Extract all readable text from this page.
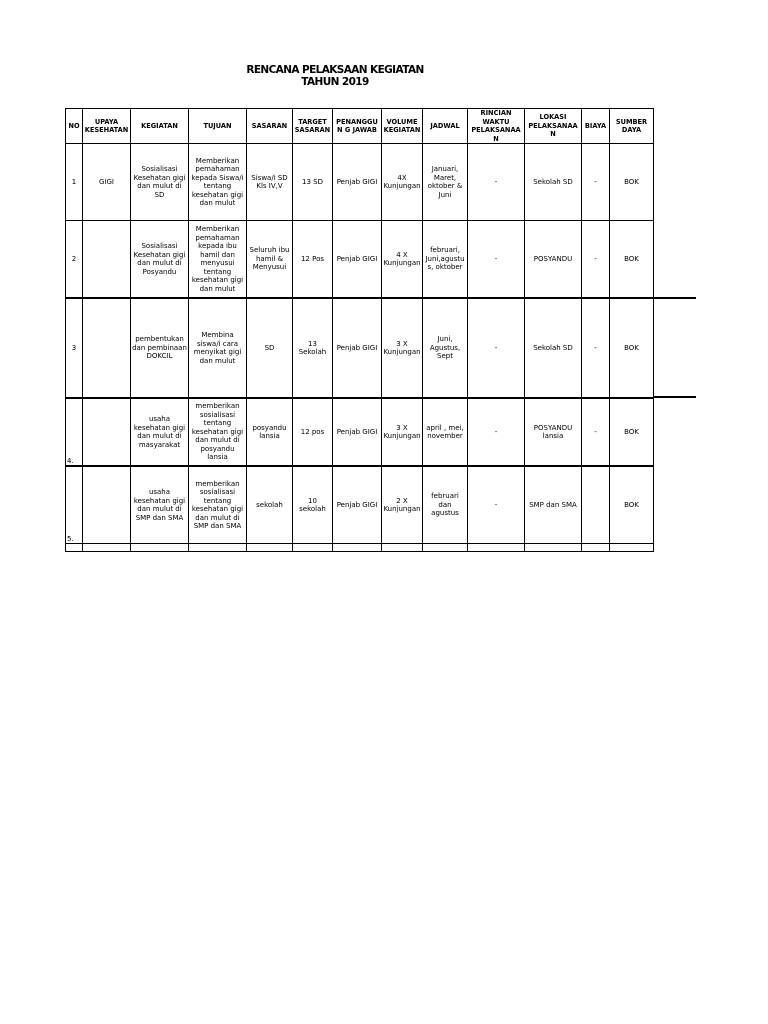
RENCANA PELAKSAAN KEGIATAN
TAHUN 2019
NO	UPAYA KESEHATAN	KEGIATAN	TUJUAN	SASARAN	TARGET SASARAN	PENANGGUN G JAWAB	VOLUME KEGIATAN	JADWAL	RINCIAN WAKTU PELAKSANAAN	LOKASI PELAKSANAAN	BIAYA	SUMBER DAYA
1	GIGI	Sosialisasi Kesehatan gigi dan mulut di SD	Memberikan pemahaman kepada Siswa/i tentang kesehatan gigi dan mulut	Siswa/i SD Kls IV,V	13 SD	Penjab GIGI	4X Kunjungan	Januari, Maret, oktober & Juni	-	Sekolah SD	-	BOK
2		Sosialisasi Kesehatan gigi dan mulut di Posyandu	Memberikan pemahaman kepada ibu hamil dan menyusui tentang kesehatan gigi dan mulut	Seluruh ibu hamil & Menyusui	12 Pos	Penjab GIGI	4 X Kunjungan	februari, Juni,agustus, oktober	-	POSYANDU	-	BOK
3		pembentukan dan pembinaan DOKCIL	Membina siswa/i cara menyikat gigi dan mulut	SD	13 Sekolah	Penjab GIGI	3 X Kunjungan	Juni, Agustus, Sept	-	Sekolah SD	-	BOK
4.		usaha kesehatan gigi dan mulut di masyarakat	memberikan sosialisasi tentang kesehatan gigi dan mulut di posyandu lansia	posyandu lansia	12 pos	Penjab GIGI	3 X Kunjungan	april , mei, november	-	POSYANDU lansia	-	BOK
5.		usaha kesehatan gigi dan mulut di SMP dan SMA	memberikan sosialisasi tentang kesehatan gigi dan mulut di SMP dan SMA	sekolah	10 sekolah	Penjab GIGI	2 X Kunjungan	februari dan agustus	-	SMP dan SMA		BOK
